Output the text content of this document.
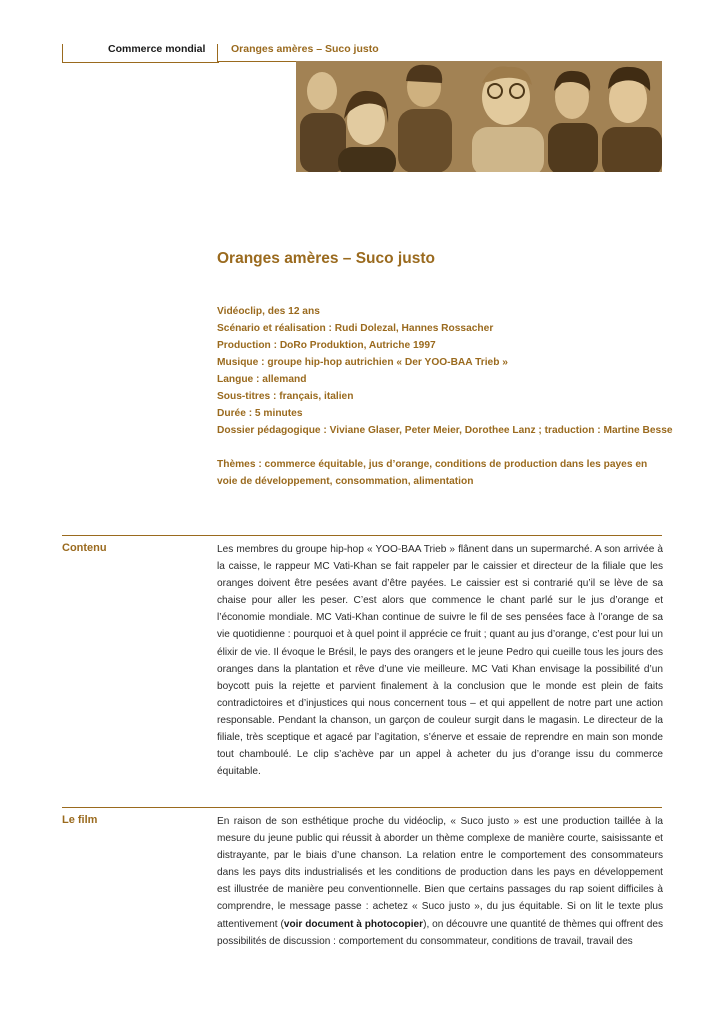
Commerce mondial Oranges amères – Suco justo
Oranges amères – Suco justo
Vidéoclip, des 12 ans
Scénario et réalisation : Rudi Dolezal, Hannes Rossacher
Production : DoRo Produktion, Autriche 1997
Musique : groupe hip-hop autrichien « Der YOO-BAA Trieb »
Langue : allemand
Sous-titres : français, italien
Durée : 5 minutes
Dossier pédagogique : Viviane Glaser, Peter Meier, Dorothee Lanz ; traduction : Martine Besse
Thèmes : commerce équitable, jus d’orange, conditions de production dans les payes en voie de développement, consommation, alimentation
Contenu	Les membres du groupe hip-hop « YOO-BAA Trieb » flânent dans un supermarché. A son arrivée à la caisse, le rappeur MC Vati-Khan se fait rappeler par le caissier et directeur de la filiale que les oranges doivent être pesées avant d’être payées. Le caissier est si contrarié qu’il se lève de sa chaise pour aller les peser. C’est alors que commence le chant parlé sur le jus d’orange et l’économie mondiale. MC Vati-Khan continue de suivre le fil de ses pensées face à l’orange de sa vie quotidienne : pourquoi et à quel point il apprécie ce fruit ; quant au jus d’orange, c’est pour lui un élixir de vie. Il évoque le Brésil, le pays des orangers et le jeune Pedro qui cueille tous les jours des oranges dans la plantation et rêve d’une vie meilleure. MC Vati Khan envisage la possibilité d’un boycott puis la rejette et parvient finalement à la conclusion que le monde est plein de faits contradictoires et d’injustices qui nous concernent tous – et qui appellent de notre part une action responsable. Pendant la chanson, un garçon de couleur surgit dans le magasin. Le directeur de la filiale, très sceptique et agacé par l’agitation, s’énerve et essaie de reprendre en main son monde tout chamboulé. Le clip s’achève par un appel à acheter du jus d’orange issu du commerce équitable.
Le film	En raison de son esthétique proche du vidéoclip, « Suco justo » est une production taillée à la mesure du jeune public qui réussit à aborder un thème complexe de manière courte, saisissante et distrayante, par le biais d’une chanson. La relation entre le comportement des consommateurs dans les pays dits industrialisés et les conditions de production dans les pays en développement est illustrée de manière peu conventionnelle. Bien que certains passages du rap soient difficiles à comprendre, le message passe : achetez « Suco justo », du jus équitable. Si on lit le texte plus attentivement (voir document à photocopier), on découvre une quantité de thèmes qui offrent des possibilités de discussion : comportement du consommateur, conditions de travail, travail des
